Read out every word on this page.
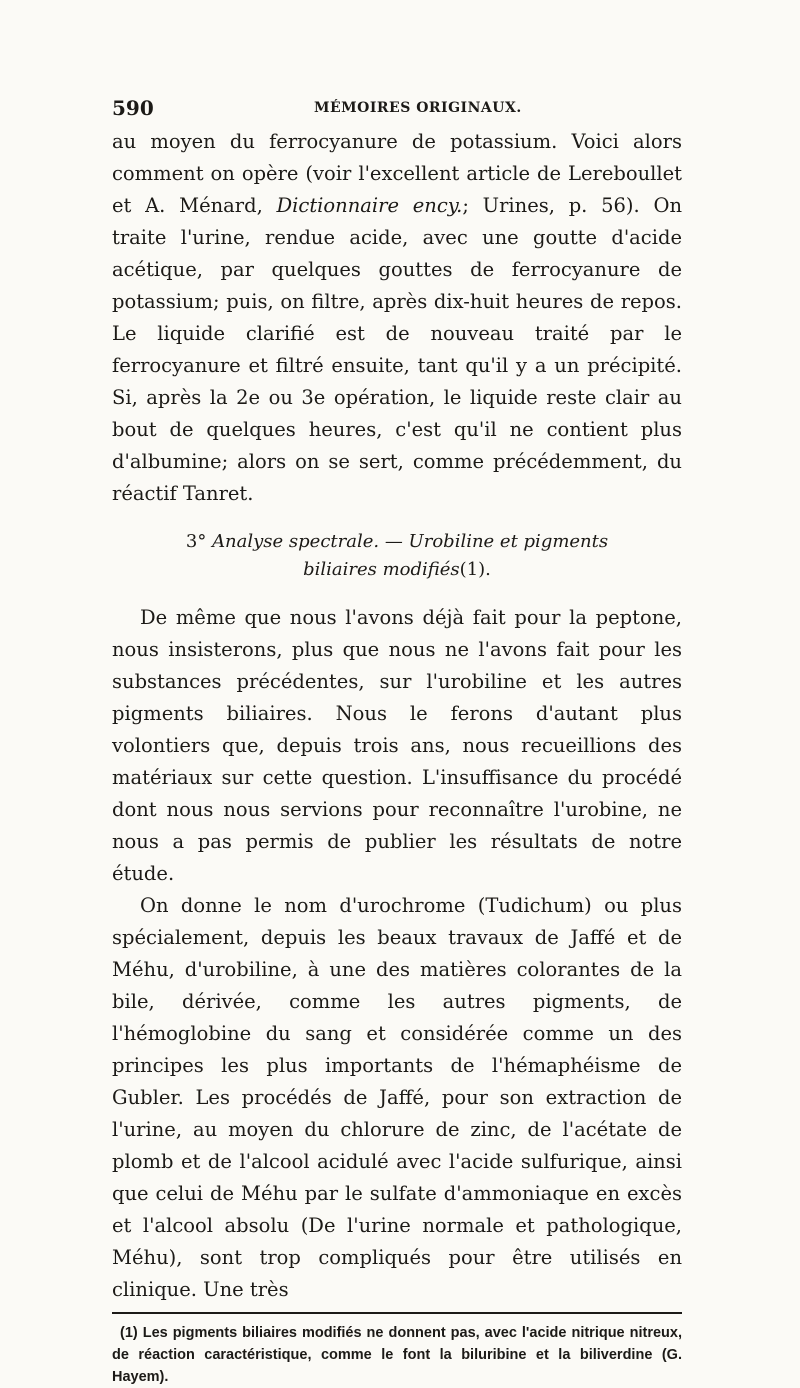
590	MÉMOIRES ORIGINAUX.

au moyen du ferrocyanure de potassium. Voici alors comment on opère (voir l'excellent article de Lereboullet et A. Ménard, Dictionnaire ency.; Urines, p. 56). On traite l'urine, rendue acide, avec une goutte d'acide acétique, par quelques gouttes de ferrocyanure de potassium; puis, on filtre, après dix-huit heures de repos. Le liquide clarifié est de nouveau traité par le ferrocyanure et filtré ensuite, tant qu'il y a un précipité. Si, après la 2e ou 3e opération, le liquide reste clair au bout de quelques heures, c'est qu'il ne contient plus d'albumine; alors on se sert, comme précédemment, du réactif Tanret.

3° Analyse spectrale. — Urobiline et pigments
biliaires modifiés(1).

De même que nous l'avons déjà fait pour la peptone, nous insisterons, plus que nous ne l'avons fait pour les substances précédentes, sur l'urobiline et les autres pigments biliaires. Nous le ferons d'autant plus volontiers que, depuis trois ans, nous recueillions des matériaux sur cette question. L'insuffisance du procédé dont nous nous servions pour reconnaître l'urobine, ne nous a pas permis de publier les résultats de notre étude.

On donne le nom d'urochrome (Tudichum) ou plus spécialement, depuis les beaux travaux de Jaffé et de Méhu, d'urobiline, à une des matières colorantes de la bile, dérivée, comme les autres pigments, de l'hémoglobine du sang et considérée comme un des principes les plus importants de l'hémaphéisme de Gubler. Les procédés de Jaffé, pour son extraction de l'urine, au moyen du chlorure de zinc, de l'acétate de plomb et de l'alcool acidulé avec l'acide sulfurique, ainsi que celui de Méhu par le sulfate d'ammoniaque en excès et l'alcool absolu (De l'urine normale et pathologique, Méhu), sont trop compliqués pour être utilisés en clinique. Une très

(1) Les pigments biliaires modifiés ne donnent pas, avec l'acide nitrique nitreux, de réaction caractéristique, comme le font la biluribine et la biliverdine (G. Hayem).
